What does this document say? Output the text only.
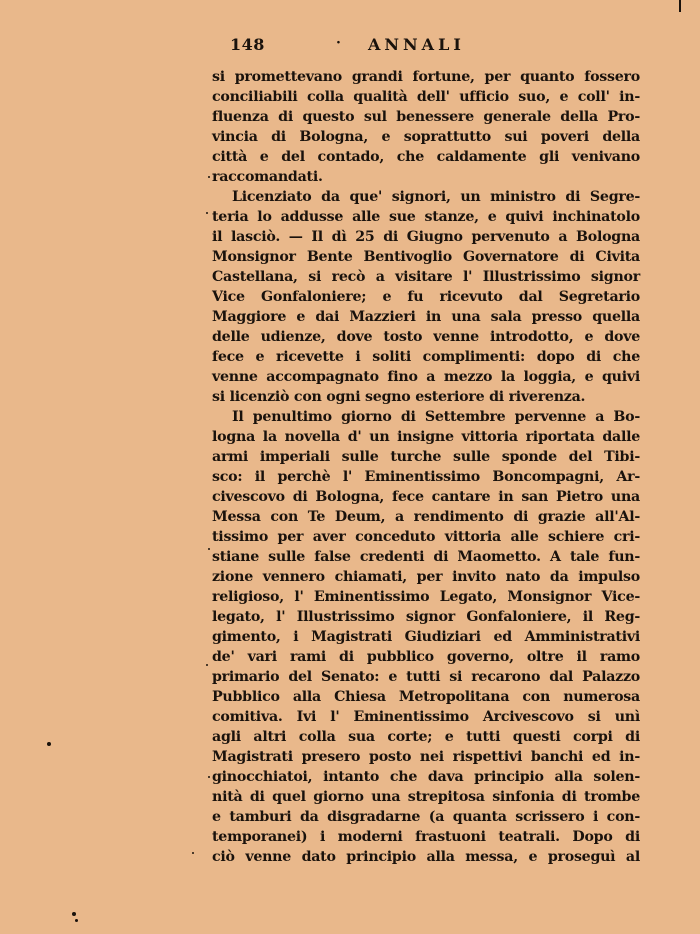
148	· ANNALI
si promettevano grandi fortune, per quanto fossero
conciliabili colla qualità dell' ufficio suo, e coll' in-
fluenza di questo sul benessere generale della Pro-
vincia di Bologna, e soprattutto sui poveri della
città e del contado, che caldamente gli venivano
raccomandati.
Licenziato da que' signori, un ministro di Segre-
teria lo addusse alle sue stanze, e quivi inchinatolo
il lasciò. — Il dì 25 di Giugno pervenuto a Bologna
Monsignor Bente Bentivoglio Governatore di Civita
Castellana, si recò a visitare l' Illustrissimo signor
Vice Gonfaloniere; e fu ricevuto dal Segretario
Maggiore e dai Mazzieri in una sala presso quella
delle udienze, dove tosto venne introdotto, e dove
fece e ricevette i soliti complimenti: dopo di che
venne accompagnato fino a mezzo la loggia, e quivi
si licenziò con ogni segno esteriore di riverenza.
Il penultimo giorno di Settembre pervenne a Bo-
logna la novella d' un insigne vittoria riportata dalle
armi imperiali sulle turche sulle sponde del Tibi-
sco: il perchè l' Eminentissimo Boncompagni, Ar-
civescovo di Bologna, fece cantare in san Pietro una
Messa con Te Deum, a rendimento di grazie all'Al-
tissimo per aver conceduto vittoria alle schiere cri-
stiane sulle false credenti di Maometto. A tale fun-
zione vennero chiamati, per invito nato da impulso
religioso, l' Eminentissimo Legato, Monsignor Vice-
legato, l' Illustrissimo signor Gonfaloniere, il Reg-
gimento, i Magistrati Giudiziari ed Amministrativi
de' vari rami di pubblico governo, oltre il ramo
primario del Senato: e tutti si recarono dal Palazzo
Pubblico alla Chiesa Metropolitana con numerosa
comitiva. Ivi l' Eminentissimo Arcivescovo si unì
agli altri colla sua corte; e tutti questi corpi di
Magistrati presero posto nei rispettivi banchi ed in-
ginocchiatoi, intanto che dava principio alla solen-
nità di quel giorno una strepitosa sinfonia di trombe
e tamburi da disgradarne (a quanta scrissero i con-
temporanei) i moderni frastuoni teatrali. Dopo di
ciò venne dato principio alla messa, e proseguì al
